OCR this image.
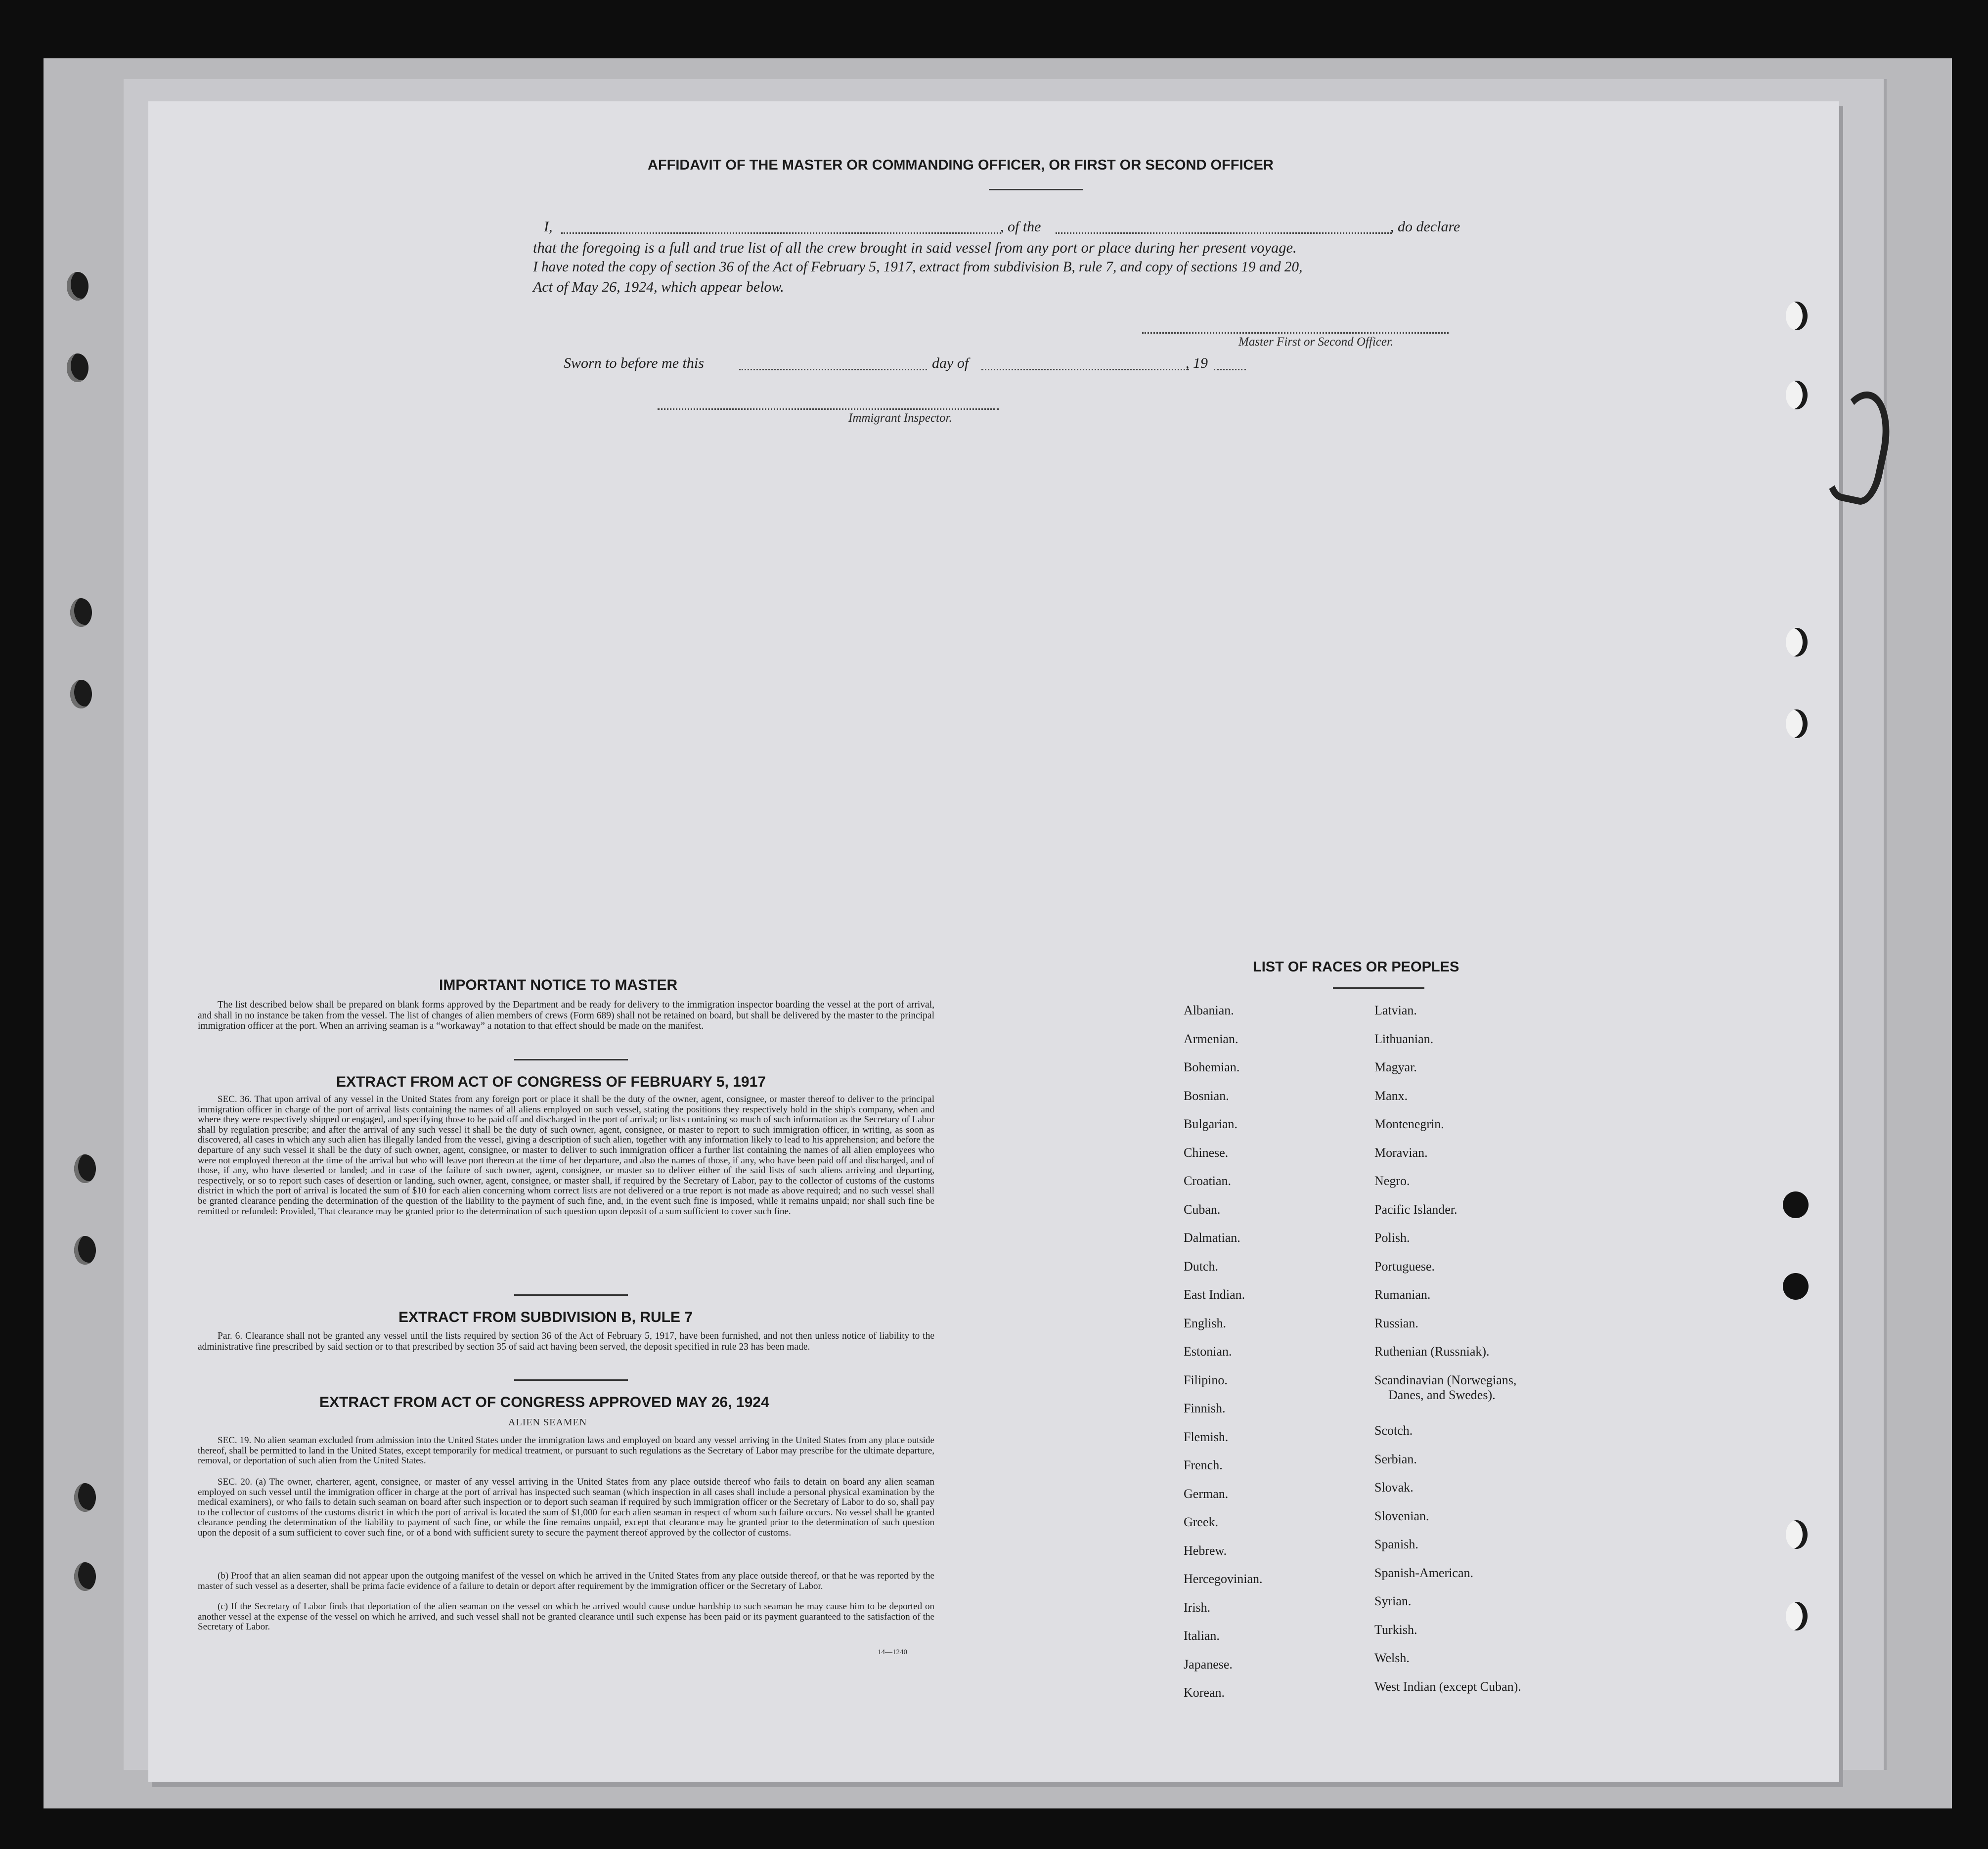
AFFIDAVIT OF THE MASTER OR COMMANDING OFFICER, OR FIRST OR SECOND OFFICER
I,	, of the	, do declare
that the foregoing is a full and true list of all the crew brought in said vessel from any port or place during her present voyage.
I have noted the copy of section 36 of the Act of February 5, 1917, extract from subdivision B, rule 7, and copy of sections 19 and 20,
Act of May 26, 1924, which appear below.
Master First or Second Officer.
Sworn to before me this	day of	, 19
Immigrant Inspector.
IMPORTANT NOTICE TO MASTER
The list described below shall be prepared on blank forms approved by the Department and be ready for delivery to the immigration inspector boarding the vessel at the port of arrival, and shall in no instance be taken from the vessel. The list of changes of alien members of crews (Form 689) shall not be retained on board, but shall be delivered by the master to the principal immigration officer at the port. When an arriving seaman is a “workaway” a notation to that effect should be made on the manifest.
EXTRACT FROM ACT OF CONGRESS OF FEBRUARY 5, 1917
SEC. 36. That upon arrival of any vessel in the United States from any foreign port or place it shall be the duty of the owner, agent, consignee, or master thereof to deliver to the principal immigration officer in charge of the port of arrival lists containing the names of all aliens employed on such vessel, stating the positions they respectively hold in the ship's company, when and where they were respectively shipped or engaged, and specifying those to be paid off and discharged in the port of arrival; or lists containing so much of such information as the Secretary of Labor shall by regulation prescribe; and after the arrival of any such vessel it shall be the duty of such owner, agent, consignee, or master to report to such immigration officer, in writing, as soon as discovered, all cases in which any such alien has illegally landed from the vessel, giving a description of such alien, together with any information likely to lead to his apprehension; and before the departure of any such vessel it shall be the duty of such owner, agent, consignee, or master to deliver to such immigration officer a further list containing the names of all alien employees who were not employed thereon at the time of the arrival but who will leave port thereon at the time of her departure, and also the names of those, if any, who have been paid off and discharged, and of those, if any, who have deserted or landed; and in case of the failure of such owner, agent, consignee, or master so to deliver either of the said lists of such aliens arriving and departing, respectively, or so to report such cases of desertion or landing, such owner, agent, consignee, or master shall, if required by the Secretary of Labor, pay to the collector of customs of the customs district in which the port of arrival is located the sum of $10 for each alien concerning whom correct lists are not delivered or a true report is not made as above required; and no such vessel shall be granted clearance pending the determination of the question of the liability to the payment of such fine, and, in the event such fine is imposed, while it remains unpaid; nor shall such fine be remitted or refunded: Provided, That clearance may be granted prior to the determination of such question upon deposit of a sum sufficient to cover such fine.
EXTRACT FROM SUBDIVISION B, RULE 7
Par. 6. Clearance shall not be granted any vessel until the lists required by section 36 of the Act of February 5, 1917, have been furnished, and not then unless notice of liability to the administrative fine prescribed by said section or to that prescribed by section 35 of said act having been served, the deposit specified in rule 23 has been made.
EXTRACT FROM ACT OF CONGRESS APPROVED MAY 26, 1924
ALIEN SEAMEN
SEC. 19. No alien seaman excluded from admission into the United States under the immigration laws and employed on board any vessel arriving in the United States from any place outside thereof, shall be permitted to land in the United States, except temporarily for medical treatment, or pursuant to such regulations as the Secretary of Labor may prescribe for the ultimate departure, removal, or deportation of such alien from the United States.
SEC. 20. (a) The owner, charterer, agent, consignee, or master of any vessel arriving in the United States from any place outside thereof who fails to detain on board any alien seaman employed on such vessel until the immigration officer in charge at the port of arrival has inspected such seaman (which inspection in all cases shall include a personal physical examination by the medical examiners), or who fails to detain such seaman on board after such inspection or to deport such seaman if required by such immigration officer or the Secretary of Labor to do so, shall pay to the collector of customs of the customs district in which the port of arrival is located the sum of $1,000 for each alien seaman in respect of whom such failure occurs. No vessel shall be granted clearance pending the determination of the liability to payment of such fine, or while the fine remains unpaid, except that clearance may be granted prior to the determination of such question upon the deposit of a sum sufficient to cover such fine, or of a bond with sufficient surety to secure the payment thereof approved by the collector of customs.
(b) Proof that an alien seaman did not appear upon the outgoing manifest of the vessel on which he arrived in the United States from any place outside thereof, or that he was reported by the master of such vessel as a deserter, shall be prima facie evidence of a failure to detain or deport after requirement by the immigration officer or the Secretary of Labor.
(c) If the Secretary of Labor finds that deportation of the alien seaman on the vessel on which he arrived would cause undue hardship to such seaman he may cause him to be deported on another vessel at the expense of the vessel on which he arrived, and such vessel shall not be granted clearance until such expense has been paid or its payment guaranteed to the satisfaction of the Secretary of Labor.
14—1240
LIST OF RACES OR PEOPLES
Albanian.
Armenian.
Bohemian.
Bosnian.
Bulgarian.
Chinese.
Croatian.
Cuban.
Dalmatian.
Dutch.
East Indian.
English.
Estonian.
Filipino.
Finnish.
Flemish.
French.
German.
Greek.
Hebrew.
Hercegovinian.
Irish.
Italian.
Japanese.
Korean.
Latvian.
Lithuanian.
Magyar.
Manx.
Montenegrin.
Moravian.
Negro.
Pacific Islander.
Polish.
Portuguese.
Rumanian.
Russian.
Ruthenian (Russniak).
Scandinavian (Norwegians,
Danes, and Swedes).
Scotch.
Serbian.
Slovak.
Slovenian.
Spanish.
Spanish-American.
Syrian.
Turkish.
Welsh.
West Indian (except Cuban).
